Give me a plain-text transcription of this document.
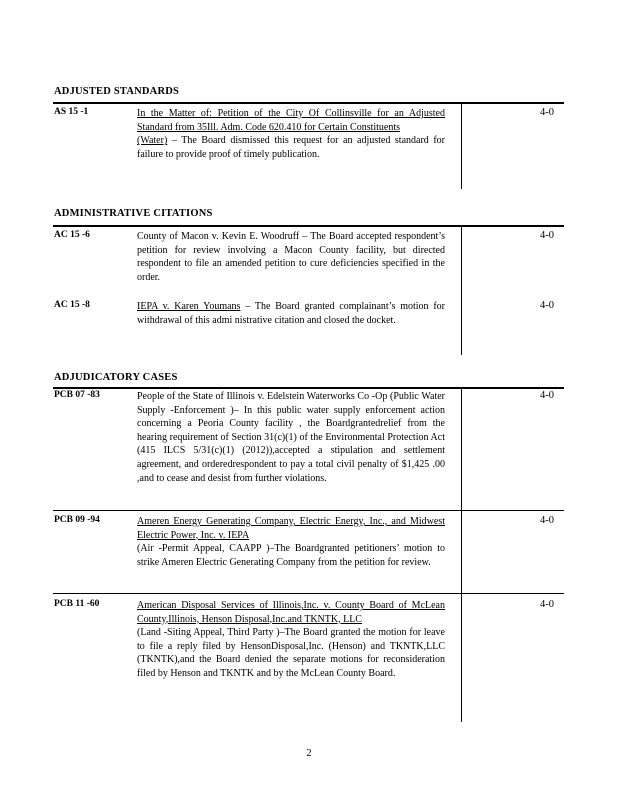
ADJUSTED STANDARDS
AS 15 -1	In the Matter of: Petition of the City Of Collinsville for an Adjusted Standard from 35Ill. Adm. Code 620.410 for Certain Constituents
(Water) – The Board dismissed this request for an adjusted standard for failure to provide proof of timely publication.
4-0
ADMINISTRATIVE CITATIONS
AC 15 -6	County of Macon v. Kevin E. Woodruff – The Board accepted respondent’s petition for review involving a Macon County facility, but directed respondent to file an amended petition to cure deficiencies specified in the order.
4-0
AC 15 -8	IEPA v. Karen Youmans – The Board granted complainant’s motion for withdrawal of this admi nistrative citation and closed the docket.
4-0
ADJUDICATORY CASES
PCB 07 -83	People of the State of Illinois v. Edelstein Waterworks Co -Op (Public Water Supply -Enforcement )– In this public water supply enforcement action concerning a Peoria County facility , the Boardgrantedrelief from the hearing requirement of Section 31(c)(1) of the Environmental Protection Act (415 ILCS 5/31(c)(1) (2012)),accepted a stipulation and settlement agreement, and orderedrespondent to pay a total civil penalty of $1,425 .00 ,and to cease and desist from further violations.
4-0
PCB 09 -94	Ameren Energy Generating Company, Electric Energy, Inc., and Midwest Electric Power, Inc. v. IEPA
(Air -Permit Appeal, CAAPP )–The Boardgranted petitioners’ motion to strike Ameren Electric Generating Company from the petition for review.
4-0
PCB 11 -60	American Disposal Services of Illinois,Inc. v. County Board of McLean County,Illinois, Henson Disposal,Inc.and TKNTK, LLC
(Land -Siting Appeal, Third Party )–The Board granted the motion for leave to file a reply filed by HensonDisposal,Inc. (Henson) and TKNTK,LLC (TKNTK),and the Board denied the separate motions for reconsideration filed by Henson and TKNTK and by the McLean County Board.
4-0
2
